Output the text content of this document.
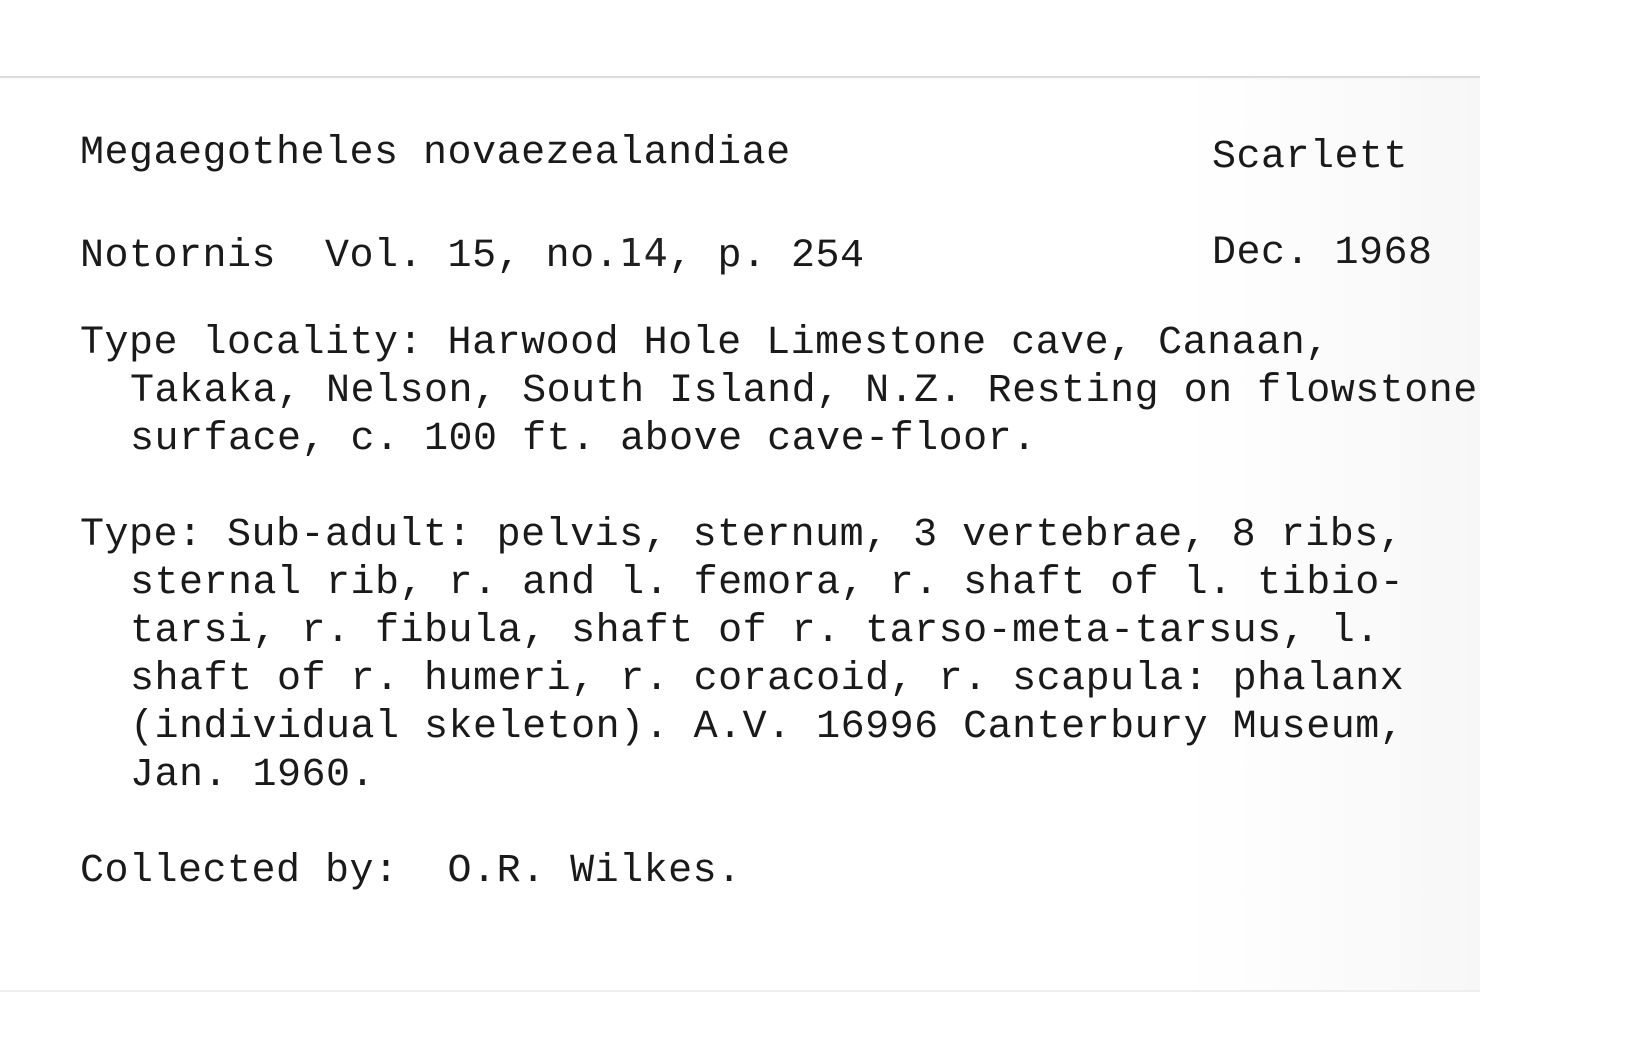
Megaegotheles novaezealandiae	Scarlett
Notornis  Vol. 15, no.14, p. 254	Dec. 1968
Type locality: Harwood Hole Limestone cave, Canaan,
Takaka, Nelson, South Island, N.Z. Resting on flowstone
surface, c. 100 ft. above cave-floor.
Type: Sub-adult: pelvis, sternum, 3 vertebrae, 8 ribs,
sternal rib, r. and l. femora, r. shaft of l. tibio-
tarsi, r. fibula, shaft of r. tarso-meta-tarsus, l.
shaft of r. humeri, r. coracoid, r. scapula: phalanx
(individual skeleton). A.V. 16996 Canterbury Museum,
Jan. 1960.
Collected by:  O.R. Wilkes.
